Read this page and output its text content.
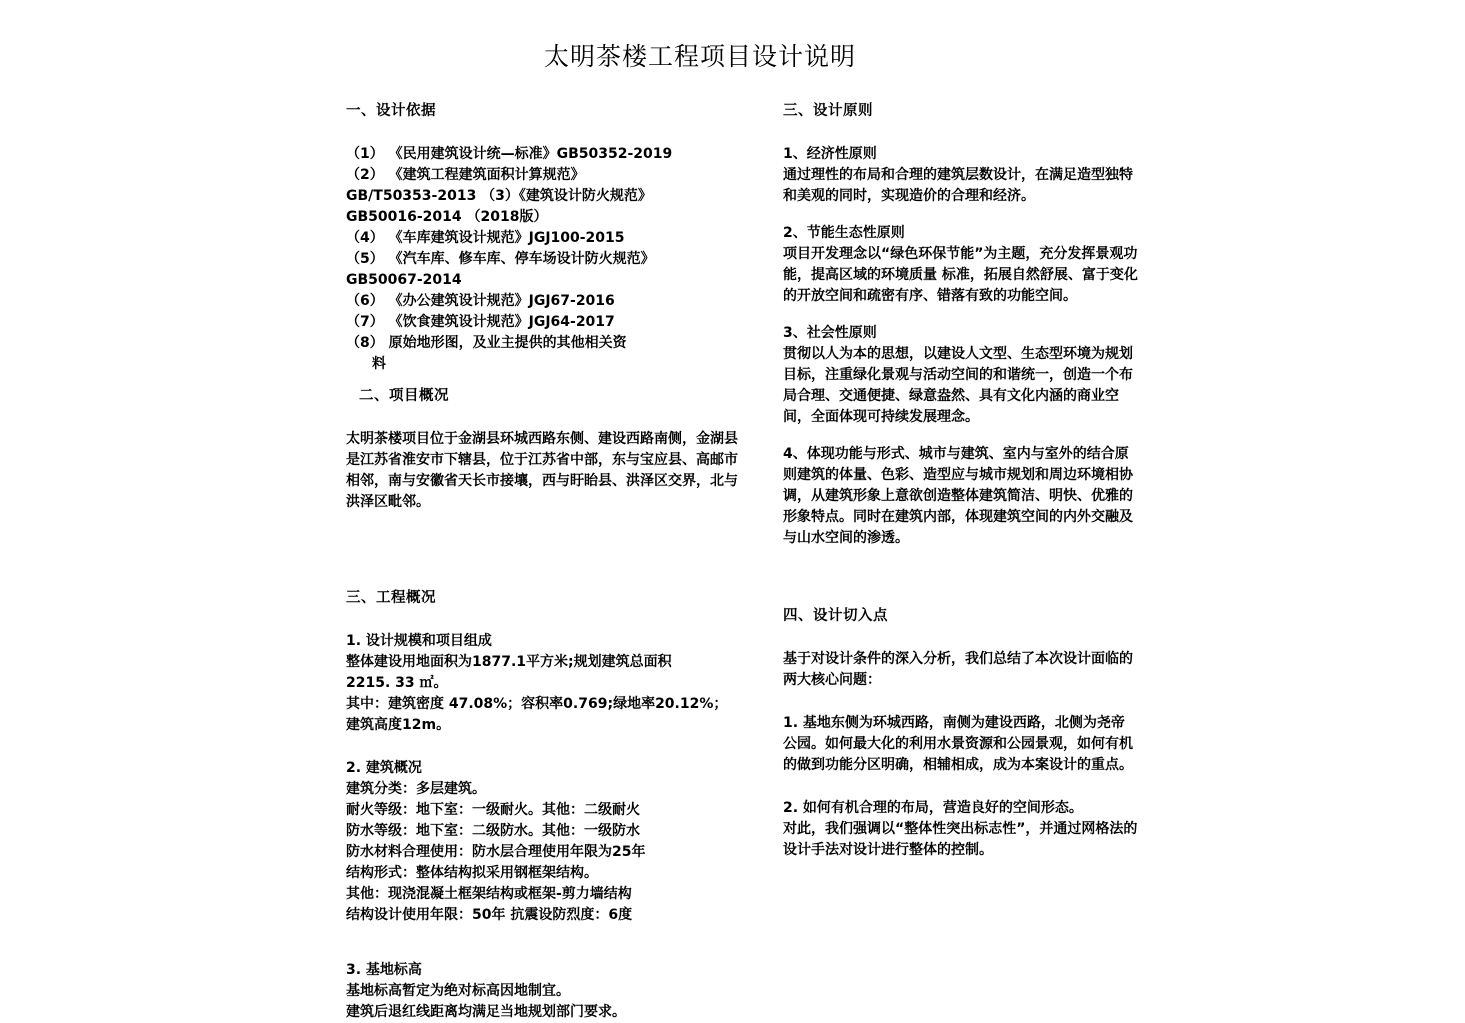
太明茶楼工程项目设计说明
一、设计依据
（1） 《民用建筑设计统—标准》GB50352-2019
（2） 《建筑工程建筑面积计算规范》
GB/T50353-2013 （3）《建筑设计防火规范》
GB50016-2014 （2018版）
（4） 《车库建筑设计规范》JGJ100-2015
（5） 《汽车库、修车库、停车场设计防火规范》
GB50067-2014
（6） 《办公建筑设计规范》JGJ67-2016
（7） 《饮食建筑设计规范》JGJ64-2017
（8） 原始地形图，及业主提供的其他相关资
料
二、项目概况
太明茶楼项目位于金湖县环城西路东侧、建设西路南侧，金湖县是江苏省淮安市下辖县，位于江苏省中部，东与宝应县、高邮市相邻，南与安徽省天长市接壤，西与盱眙县、洪泽区交界，北与洪泽区毗邻。
三、工程概况
1. 设计规模和项目组成
整体建设用地面积为1877.1平方米;规划建筑总面积
2215. 33 ㎡。
其中：建筑密度 47.08%；容积率0.769;绿地率20.12%；
建筑高度12m。
2. 建筑概况
建筑分类：多层建筑。
耐火等级：地下室：一级耐火。其他：二级耐火
防水等级：地下室：二级防水。其他：一级防水
防水材料合理使用：防水层合理使用年限为25年
结构形式：整体结构拟采用钢框架结构。
其他：现浇混凝土框架结构或框架-剪力墙结构
结构设计使用年限：50年 抗震设防烈度：6度
3. 基地标高
基地标高暂定为绝对标高因地制宜。
建筑后退红线距离均满足当地规划部门要求。
三、设计原则
1、经济性原则
通过理性的布局和合理的建筑层数设计，在满足造型独特和美观的同时，实现造价的合理和经济。
2、节能生态性原则
项目开发理念以“绿色环保节能”为主题，充分发挥景观功能，提高区域的环境质量 标准，拓展自然舒展、富于变化的开放空间和疏密有序、错落有致的功能空间。
3、社会性原则
贯彻以人为本的思想，以建设人文型、生态型环境为规划目标，注重绿化景观与活动空间的和谐统一，创造一个布局合理、交通便捷、绿意盎然、具有文化内涵的商业空间，全面体现可持续发展理念。
4、体现功能与形式、城市与建筑、室内与室外的结合原则建筑的体量、色彩、造型应与城市规划和周边环境相协调，从建筑形象上意欲创造整体建筑简洁、明快、优雅的形象特点。同时在建筑内部，体现建筑空间的内外交融及与山水空间的渗透。
四、设计切入点
基于对设计条件的深入分析，我们总结了本次设计面临的两大核心问题：
1. 基地东侧为环城西路，南侧为建设西路，北侧为尧帝公园。如何最大化的利用水景资源和公园景观，如何有机的做到功能分区明确，相辅相成，成为本案设计的重点。
2. 如何有机合理的布局，营造良好的空间形态。
对此，我们强调以“整体性突出标志性”，并通过网格法的设计手法对设计进行整体的控制。
